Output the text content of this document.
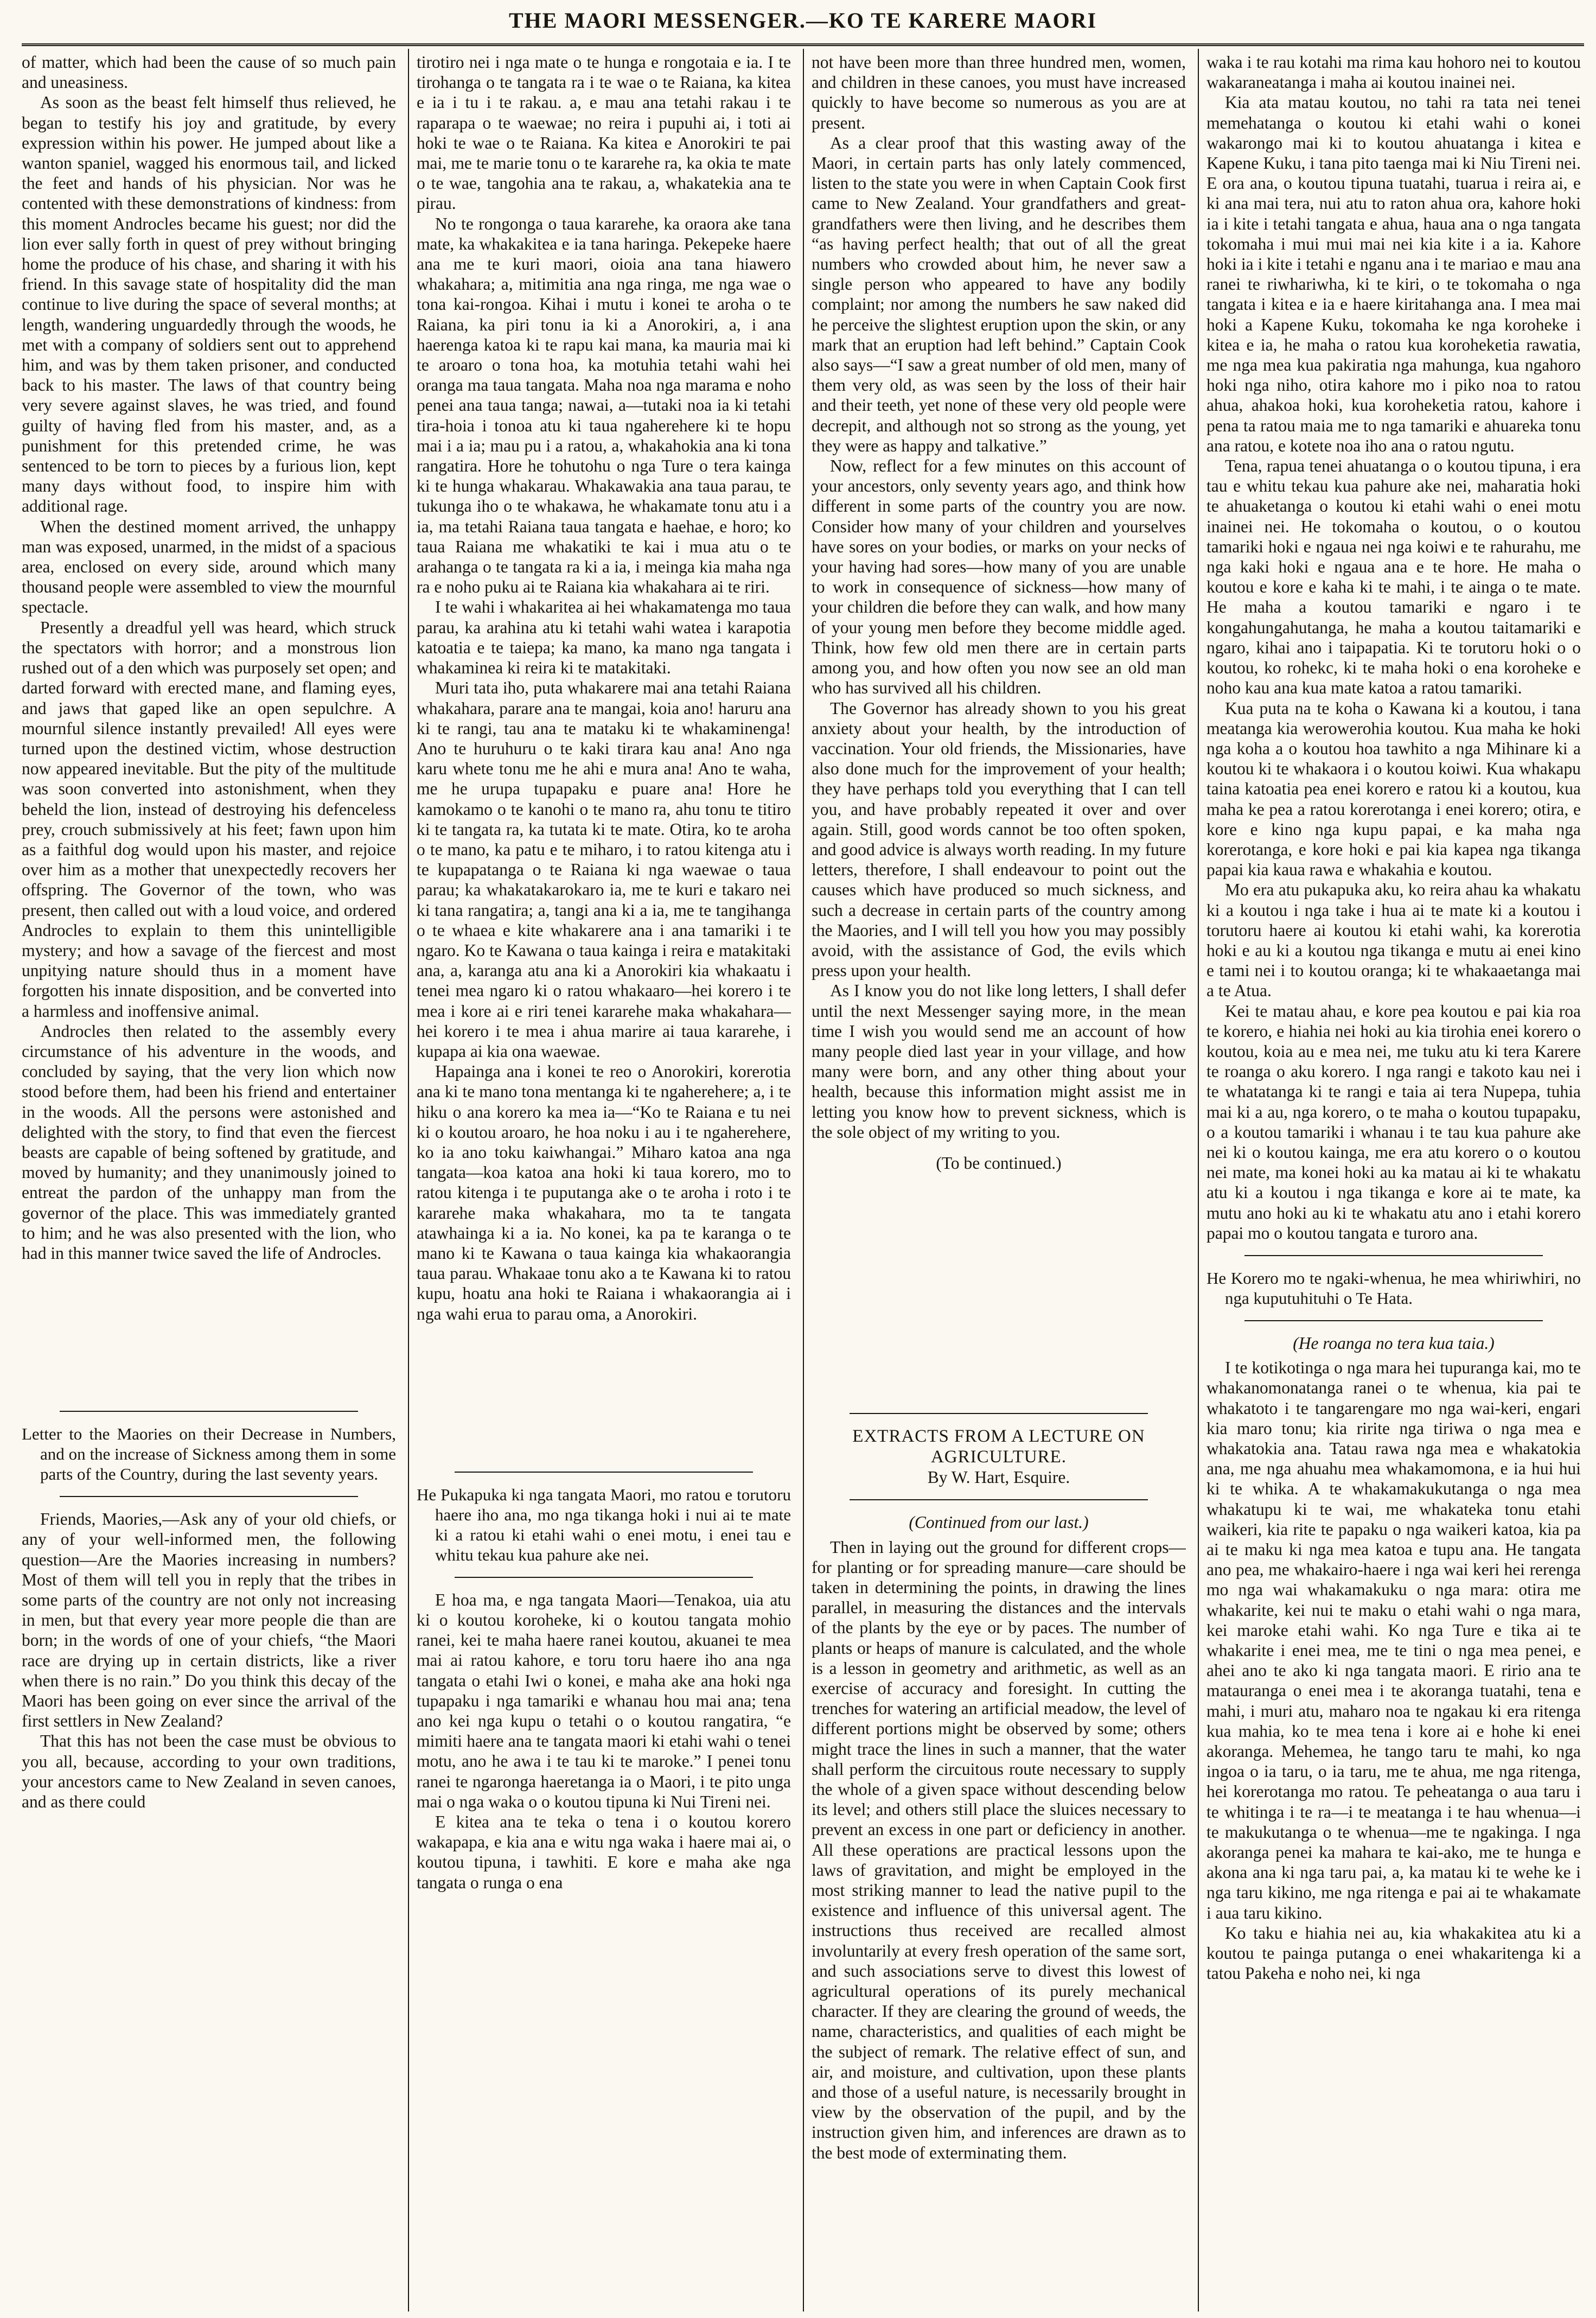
THE MAORI MESSENGER.—KO TE KARERE MAORI

of matter, which had been the cause of so much pain and uneasiness.

As soon as the beast felt himself thus relieved, he began to testify his joy and gratitude, by every expression within his power. He jumped about like a wanton spaniel, wagged his enormous tail, and licked the feet and hands of his physician. Nor was he contented with these demonstrations of kindness: from this moment Androcles became his guest; nor did the lion ever sally forth in quest of prey without bringing home the produce of his chase, and sharing it with his friend. In this savage state of hospitality did the man continue to live during the space of several months; at length, wandering unguardedly through the woods, he met with a company of soldiers sent out to apprehend him, and was by them taken prisoner, and conducted back to his master. The laws of that country being very severe against slaves, he was tried, and found guilty of having fled from his master, and, as a punishment for this pretended crime, he was sentenced to be torn to pieces by a furious lion, kept many days without food, to inspire him with additional rage.

When the destined moment arrived, the unhappy man was exposed, unarmed, in the midst of a spacious area, enclosed on every side, around which many thousand people were assembled to view the mournful spectacle.

Presently a dreadful yell was heard, which struck the spectators with horror; and a monstrous lion rushed out of a den which was purposely set open; and darted forward with erected mane, and flaming eyes, and jaws that gaped like an open sepulchre. A mournful silence instantly prevailed! All eyes were turned upon the destined victim, whose destruction now appeared inevitable. But the pity of the multitude was soon converted into astonishment, when they beheld the lion, instead of destroying his defenceless prey, crouch submissively at his feet; fawn upon him as a faithful dog would upon his master, and rejoice over him as a mother that unexpectedly recovers her offspring. The Governor of the town, who was present, then called out with a loud voice, and ordered Androcles to explain to them this unintelligible mystery; and how a savage of the fiercest and most unpitying nature should thus in a moment have forgotten his innate disposition, and be converted into a harmless and inoffensive animal.

Androcles then related to the assembly every circumstance of his adventure in the woods, and concluded by saying, that the very lion which now stood before them, had been his friend and entertainer in the woods. All the persons were astonished and delighted with the story, to find that even the fiercest beasts are capable of being softened by gratitude, and moved by humanity; and they unanimously joined to entreat the pardon of the unhappy man from the governor of the place. This was immediately granted to him; and he was also presented with the lion, who had in this manner twice saved the life of Androcles.

Letter to the Maories on their Decrease in Numbers, and on the increase of Sickness among them in some parts of the Country, during the last seventy years.

Friends, Maories,—Ask any of your old chiefs, or any of your well-informed men, the following question—Are the Maories increasing in numbers? Most of them will tell you in reply that the tribes in some parts of the country are not only not increasing in men, but that every year more people die than are born; in the words of one of your chiefs, “the Maori race are drying up in certain districts, like a river when there is no rain.” Do you think this decay of the Maori has been going on ever since the arrival of the first settlers in New Zealand?

That this has not been the case must be obvious to you all, because, according to your own traditions, your ancestors came to New Zealand in seven canoes, and as there could

tirotiro nei i nga mate o te hunga e rongotaia e ia. I te tirohanga o te tangata ra i te wae o te Raiana, ka kitea e ia i tu i te rakau. a, e mau ana tetahi rakau i te raparapa o te waewae; no reira i pupuhi ai, i toti ai hoki te wae o te Raiana. Ka kitea e Anorokiri te pai mai, me te marie tonu o te kararehe ra, ka okia te mate o te wae, tangohia ana te rakau, a, whakatekia ana te pirau.

No te rongonga o taua kararehe, ka oraora ake tana mate, ka whakakitea e ia tana haringa. Pekepeke haere ana me te kuri maori, oioia ana tana hiawero whakahara; a, mitimitia ana nga ringa, me nga wae o tona kai-rongoa. Kihai i mutu i konei te aroha o te Raiana, ka piri tonu ia ki a Anorokiri, a, i ana haerenga katoa ki te rapu kai mana, ka mauria mai ki te aroaro o tona hoa, ka motuhia tetahi wahi hei oranga ma taua tangata. Maha noa nga marama e noho penei ana taua tanga; nawai, a—tutaki noa ia ki tetahi tira-hoia i tonoa atu ki taua ngaherehere ki te hopu mai i a ia; mau pu i a ratou, a, whakahokia ana ki tona rangatira. Hore he tohutohu o nga Ture o tera kainga ki te hunga whakarau. Whakawakia ana taua parau, te tukunga iho o te whakawa, he whakamate tonu atu i a ia, ma tetahi Raiana taua tangata e haehae, e horo; ko taua Raiana me whakatiki te kai i mua atu o te arahanga o te tangata ra ki a ia, i meinga kia maha nga ra e noho puku ai te Raiana kia whakahara ai te riri.

I te wahi i whakaritea ai hei whakamatenga mo taua parau, ka arahina atu ki tetahi wahi watea i karapotia katoatia e te taiepa; ka mano, ka mano nga tangata i whakaminea ki reira ki te matakitaki.

Muri tata iho, puta whakarere mai ana tetahi Raiana whakahara, parare ana te mangai, koia ano! haruru ana ki te rangi, tau ana te mataku ki te whakaminenga! Ano te huruhuru o te kaki tirara kau ana! Ano nga karu whete tonu me he ahi e mura ana! Ano te waha, me he urupa tupapaku e puare ana! Hore he kamokamo o te kanohi o te mano ra, ahu tonu te titiro ki te tangata ra, ka tutata ki te mate. Otira, ko te aroha o te mano, ka patu e te miharo, i to ratou kitenga atu i te kupapatanga o te Raiana ki nga waewae o taua parau; ka whakatakarokaro ia, me te kuri e takaro nei ki tana rangatira; a, tangi ana ki a ia, me te tangihanga o te whaea e kite whakarere ana i ana tamariki i te ngaro. Ko te Kawana o taua kainga i reira e matakitaki ana, a, karanga atu ana ki a Anorokiri kia whakaatu i tenei mea ngaro ki o ratou whakaaro—hei korero i te mea i kore ai e riri tenei kararehe maka whakahara—hei korero i te mea i ahua marire ai taua kararehe, i kupapa ai kia ona waewae.

Hapainga ana i konei te reo o Anorokiri, korerotia ana ki te mano tona mentanga ki te ngaherehere; a, i te hiku o ana korero ka mea ia—“Ko te Raiana e tu nei ki o koutou aroaro, he hoa noku i au i te ngaherehere, ko ia ano toku kaiwhangai.” Miharo katoa ana nga tangata—koa katoa ana hoki ki taua korero, mo to ratou kitenga i te puputanga ake o te aroha i roto i te kararehe maka whakahara, mo ta te tangata atawhainga ki a ia. No konei, ka pa te karanga o te mano ki te Kawana o taua kainga kia whakaorangia taua parau. Whakaae tonu ako a te Kawana ki to ratou kupu, hoatu ana hoki te Raiana i whakaorangia ai i nga wahi erua to parau oma, a Anorokiri.

He Pukapuka ki nga tangata Maori, mo ratou e torutoru haere iho ana, mo nga tikanga hoki i nui ai te mate ki a ratou ki etahi wahi o enei motu, i enei tau e whitu tekau kua pahure ake nei.

E hoa ma, e nga tangata Maori—Tenakoa, uia atu ki o koutou koroheke, ki o koutou tangata mohio ranei, kei te maha haere ranei koutou, akuanei te mea mai ai ratou kahore, e toru toru haere iho ana nga tangata o etahi Iwi o konei, e maha ake ana hoki nga tupapaku i nga tamariki e whanau hou mai ana; tena ano kei nga kupu o tetahi o o koutou rangatira, “e mimiti haere ana te tangata maori ki etahi wahi o tenei motu, ano he awa i te tau ki te maroke.” I penei tonu ranei te ngaronga haeretanga ia o Maori, i te pito unga mai o nga waka o o koutou tipuna ki Nui Tireni nei.

E kitea ana te teka o tena i o koutou korero wakapapa, e kia ana e witu nga waka i haere mai ai, o koutou tipuna, i tawhiti. E kore e maha ake nga tangata o runga o ena

not have been more than three hundred men, women, and children in these canoes, you must have increased quickly to have become so numerous as you are at present.

As a clear proof that this wasting away of the Maori, in certain parts has only lately commenced, listen to the state you were in when Captain Cook first came to New Zealand. Your grandfathers and great-grandfathers were then living, and he describes them “as having perfect health; that out of all the great numbers who crowded about him, he never saw a single person who appeared to have any bodily complaint; nor among the numbers he saw naked did he perceive the slightest eruption upon the skin, or any mark that an eruption had left behind.” Captain Cook also says—“I saw a great number of old men, many of them very old, as was seen by the loss of their hair and their teeth, yet none of these very old people were decrepit, and although not so strong as the young, yet they were as happy and talkative.”

Now, reflect for a few minutes on this account of your ancestors, only seventy years ago, and think how different in some parts of the country you are now. Consider how many of your children and yourselves have sores on your bodies, or marks on your necks of your having had sores—how many of you are unable to work in consequence of sickness—how many of your children die before they can walk, and how many of your young men before they become middle aged. Think, how few old men there are in certain parts among you, and how often you now see an old man who has survived all his children.

The Governor has already shown to you his great anxiety about your health, by the introduction of vaccination. Your old friends, the Missionaries, have also done much for the improvement of your health; they have perhaps told you everything that I can tell you, and have probably repeated it over and over again. Still, good words cannot be too often spoken, and good advice is always worth reading. In my future letters, therefore, I shall endeavour to point out the causes which have produced so much sickness, and such a decrease in certain parts of the country among the Maories, and I will tell you how you may possibly avoid, with the assistance of God, the evils which press upon your health.

As I know you do not like long letters, I shall defer until the next Messenger saying more, in the mean time I wish you would send me an account of how many people died last year in your village, and how many were born, and any other thing about your health, because this information might assist me in letting you know how to prevent sickness, which is the sole object of my writing to you.

(To be continued.)

EXTRACTS FROM A LECTURE ON AGRICULTURE.

By W. Hart, Esquire.

(Continued from our last.)

Then in laying out the ground for different crops—for planting or for spreading manure—care should be taken in determining the points, in drawing the lines parallel, in measuring the distances and the intervals of the plants by the eye or by paces. The number of plants or heaps of manure is calculated, and the whole is a lesson in geometry and arithmetic, as well as an exercise of accuracy and foresight. In cutting the trenches for watering an artificial meadow, the level of different portions might be observed by some; others might trace the lines in such a manner, that the water shall perform the circuitous route necessary to supply the whole of a given space without descending below its level; and others still place the sluices necessary to prevent an excess in one part or deficiency in another. All these operations are practical lessons upon the laws of gravitation, and might be employed in the most striking manner to lead the native pupil to the existence and influence of this universal agent. The instructions thus received are recalled almost involuntarily at every fresh operation of the same sort, and such associations serve to divest this lowest of agricultural operations of its purely mechanical character. If they are clearing the ground of weeds, the name, characteristics, and qualities of each might be the subject of remark. The relative effect of sun, and air, and moisture, and cultivation, upon these plants and those of a useful nature, is necessarily brought in view by the observation of the pupil, and by the instruction given him, and inferences are drawn as to the best mode of exterminating them.

waka i te rau kotahi ma rima kau hohoro nei to koutou wakaraneatanga i maha ai koutou inainei nei.

Kia ata matau koutou, no tahi ra tata nei tenei memehatanga o koutou ki etahi wahi o konei wakarongo mai ki to koutou ahuatanga i kitea e Kapene Kuku, i tana pito taenga mai ki Niu Tireni nei. E ora ana, o koutou tipuna tuatahi, tuarua i reira ai, e ki ana mai tera, nui atu to raton ahua ora, kahore hoki ia i kite i tetahi tangata e ahua, haua ana o nga tangata tokomaha i mui mui mai nei kia kite i a ia. Kahore hoki ia i kite i tetahi e nganu ana i te mariao e mau ana ranei te riwhariwha, ki te kiri, o te tokomaha o nga tangata i kitea e ia e haere kiritahanga ana. I mea mai hoki a Kapene Kuku, tokomaha ke nga koroheke i kitea e ia, he maha o ratou kua koroheketia rawatia, me nga mea kua pakiratia nga mahunga, kua ngahoro hoki nga niho, otira kahore mo i piko noa to ratou ahua, ahakoa hoki, kua koroheketia ratou, kahore i pena ta ratou maia me to nga tamariki e ahuareka tonu ana ratou, e kotete noa iho ana o ratou ngutu.

Tena, rapua tenei ahuatanga o o koutou tipuna, i era tau e whitu tekau kua pahure ake nei, maharatia hoki te ahuaketanga o koutou ki etahi wahi o enei motu inainei nei. He tokomaha o koutou, o o koutou tamariki hoki e ngaua nei nga koiwi e te rahurahu, me nga kaki hoki e ngaua ana e te hore. He maha o koutou e kore e kaha ki te mahi, i te ainga o te mate. He maha a koutou tamariki e ngaro i te kongahungahutanga, he maha a koutou taitamariki e ngaro, kihai ano i taipapatia. Ki te torutoru hoki o o koutou, ko rohekc, ki te maha hoki o ena koroheke e noho kau ana kua mate katoa a ratou tamariki.

Kua puta na te koha o Kawana ki a koutou, i tana meatanga kia werowerohia koutou. Kua maha ke hoki nga koha a o koutou hoa tawhito a nga Mihinare ki a koutou ki te whakaora i o koutou koiwi. Kua whakapu taina katoatia pea enei korero e ratou ki a koutou, kua maha ke pea a ratou korerotanga i enei korero; otira, e kore e kino nga kupu papai, e ka maha nga korerotanga, e kore hoki e pai kia kapea nga tikanga papai kia kaua rawa e whakahia e koutou.

Mo era atu pukapuka aku, ko reira ahau ka whakatu ki a koutou i nga take i hua ai te mate ki a koutou i torutoru haere ai koutou ki etahi wahi, ka korerotia hoki e au ki a koutou nga tikanga e mutu ai enei kino e tami nei i to koutou oranga; ki te whakaaetanga mai a te Atua.

Kei te matau ahau, e kore pea koutou e pai kia roa te korero, e hiahia nei hoki au kia tirohia enei korero o koutou, koia au e mea nei, me tuku atu ki tera Karere te roanga o aku korero. I nga rangi e takoto kau nei i te whatatanga ki te rangi e taia ai tera Nupepa, tuhia mai ki a au, nga korero, o te maha o koutou tupapaku, o a koutou tamariki i whanau i te tau kua pahure ake nei ki o koutou kainga, me era atu korero o o koutou nei mate, ma konei hoki au ka matau ai ki te whakatu atu ki a koutou i nga tikanga e kore ai te mate, ka mutu ano hoki au ki te whakatu atu ano i etahi korero papai mo o koutou tangata e turoro ana.

He Korero mo te ngaki-whenua, he mea whiriwhiri, no nga kuputuhituhi o Te Hata.

(He roanga no tera kua taia.)

I te kotikotinga o nga mara hei tupuranga kai, mo te whakanomonatanga ranei o te whenua, kia pai te whakatoto i te tangarengare mo nga wai-keri, engari kia maro tonu; kia ririte nga tiriwa o nga mea e whakatokia ana. Tatau rawa nga mea e whakatokia ana, me nga ahuahu mea whakamomona, e ia hui hui ki te whika. A te whakamakukutanga o nga mea whakatupu ki te wai, me whakateka tonu etahi waikeri, kia rite te papaku o nga waikeri katoa, kia pa ai te maku ki nga mea katoa e tupu ana. He tangata ano pea, me whakairo-haere i nga wai keri hei rerenga mo nga wai whakamakuku o nga mara: otira me whakarite, kei nui te maku o etahi wahi o nga mara, kei maroke etahi wahi. Ko nga Ture e tika ai te whakarite i enei mea, me te tini o nga mea penei, e ahei ano te ako ki nga tangata maori. E ririo ana te matauranga o enei mea i te akoranga tuatahi, tena e mahi, i muri atu, maharo noa te ngakau ki era ritenga kua mahia, ko te mea tena i kore ai e hohe ki enei akoranga. Mehemea, he tango taru te mahi, ko nga ingoa o ia taru, o ia taru, me te ahua, me nga ritenga, hei korerotanga mo ratou. Te peheatanga o aua taru i te whitinga i te ra—i te meatanga i te hau whenua—i te makukutanga o te whenua—me te ngakinga. I nga akoranga penei ka mahara te kai-ako, me te hunga e akona ana ki nga taru pai, a, ka matau ki te wehe ke i nga taru kikino, me nga ritenga e pai ai te whakamate i aua taru kikino.

Ko taku e hiahia nei au, kia whakakitea atu ki a koutou te painga putanga o enei whakaritenga ki a tatou Pakeha e noho nei, ki nga
